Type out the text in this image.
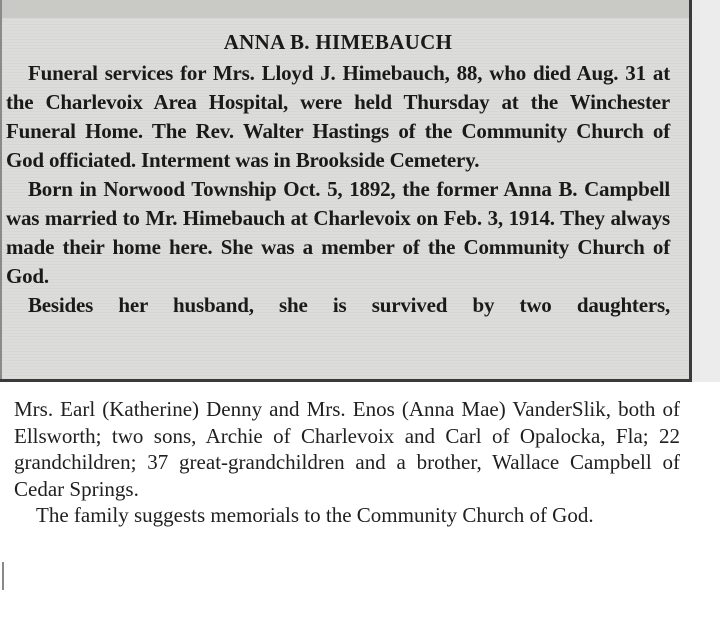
ANNA B. HIMEBAUCH

Funeral services for Mrs. Lloyd J. Himebauch, 88, who died Aug. 31 at the Charlevoix Area Hospital, were held Thursday at the Winchester Funeral Home. The Rev. Walter Hastings of the Community Church of God officiated. Interment was in Brookside Cemetery.

Born in Norwood Township Oct. 5, 1892, the former Anna B. Campbell was married to Mr. Himebauch at Charlevoix on Feb. 3, 1914. They always made their home here. She was a member of the Community Church of God.

Besides her husband, she is survived by two daughters,

Mrs. Earl (Katherine) Denny and Mrs. Enos (Anna Mae) VanderSlik, both of Ellsworth; two sons, Archie of Charlevoix and Carl of Opalocka, Fla; 22 grandchildren; 37 great-grandchildren and a brother, Wallace Campbell of Cedar Springs.

The family suggests memorials to the Community Church of God.
